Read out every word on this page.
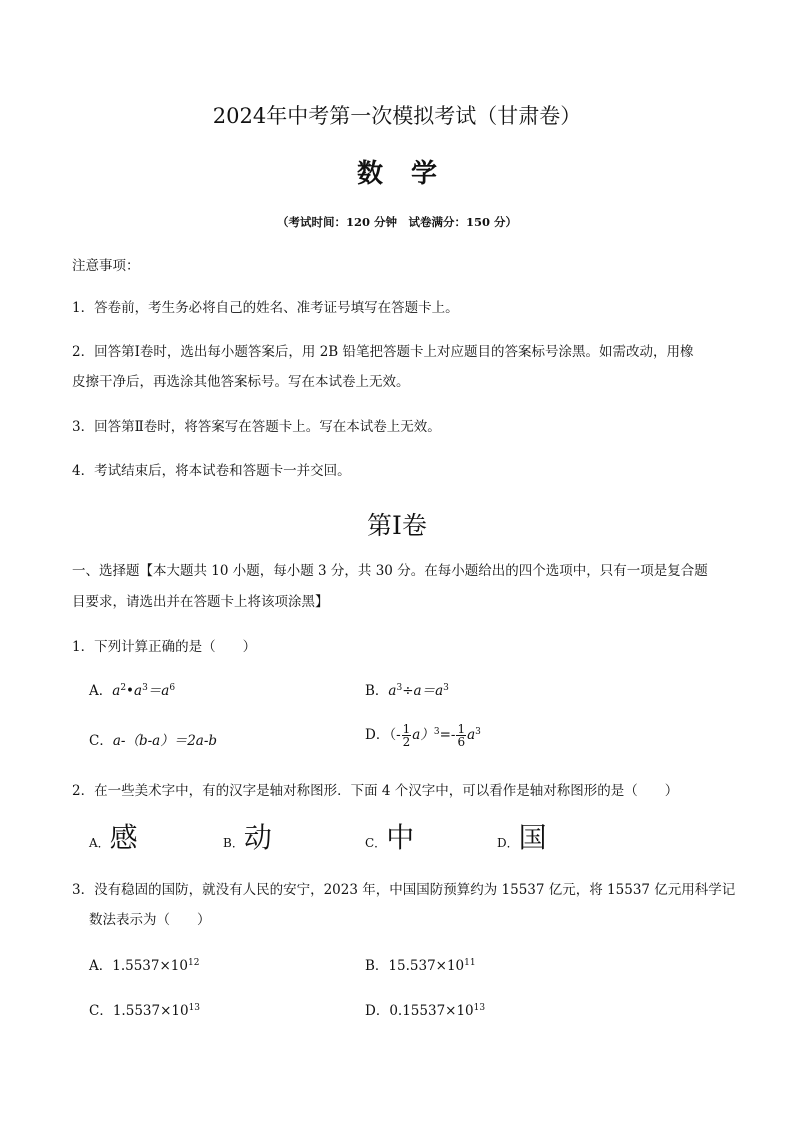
2024年中考第一次模拟考试（甘肃卷）
数学
（考试时间：120 分钟　试卷满分：150 分）
注意事项：
1．答卷前，考生务必将自己的姓名、准考证号填写在答题卡上。
2．回答第Ⅰ卷时，选出每小题答案后，用 2B 铅笔把答题卡上对应题目的答案标号涂黑。如需改动，用橡
皮擦干净后，再选涂其他答案标号。写在本试卷上无效。
3．回答第Ⅱ卷时，将答案写在答题卡上。写在本试卷上无效。
4．考试结束后，将本试卷和答题卡一并交回。
第Ⅰ卷
一、选择题【本大题共 10 小题，每小题 3 分，共 30 分。在每小题给出的四个选项中，只有一项是复合题
目要求，请选出并在答题卡上将该项涂黑】
1．下列计算正确的是（　　）
A．$a^2•a^3=a^6$	B．$a^3\div a=a^3$
C．a-（b-a）＝2a-b	D．（- $\frac{1}{2} a)^3=- \frac{1}{6} a^3$
2．在一些美术字中，有的汉字是轴对称图形．下面 4 个汉字中，可以看作是轴对称图形的是（　　）
A．感	B．动	C．中	D．国
3．没有稳固的国防，就没有人民的安宁，2023 年，中国国防预算约为 15537 亿元，将 15537 亿元用科学记
数法表示为（　　）
A．$1.5537\times 10^{12}$	B．$15.537\times 10^{11}$
C．$1.5537\times 10^{13}$	D．$0.15537\times 10^{13}$
